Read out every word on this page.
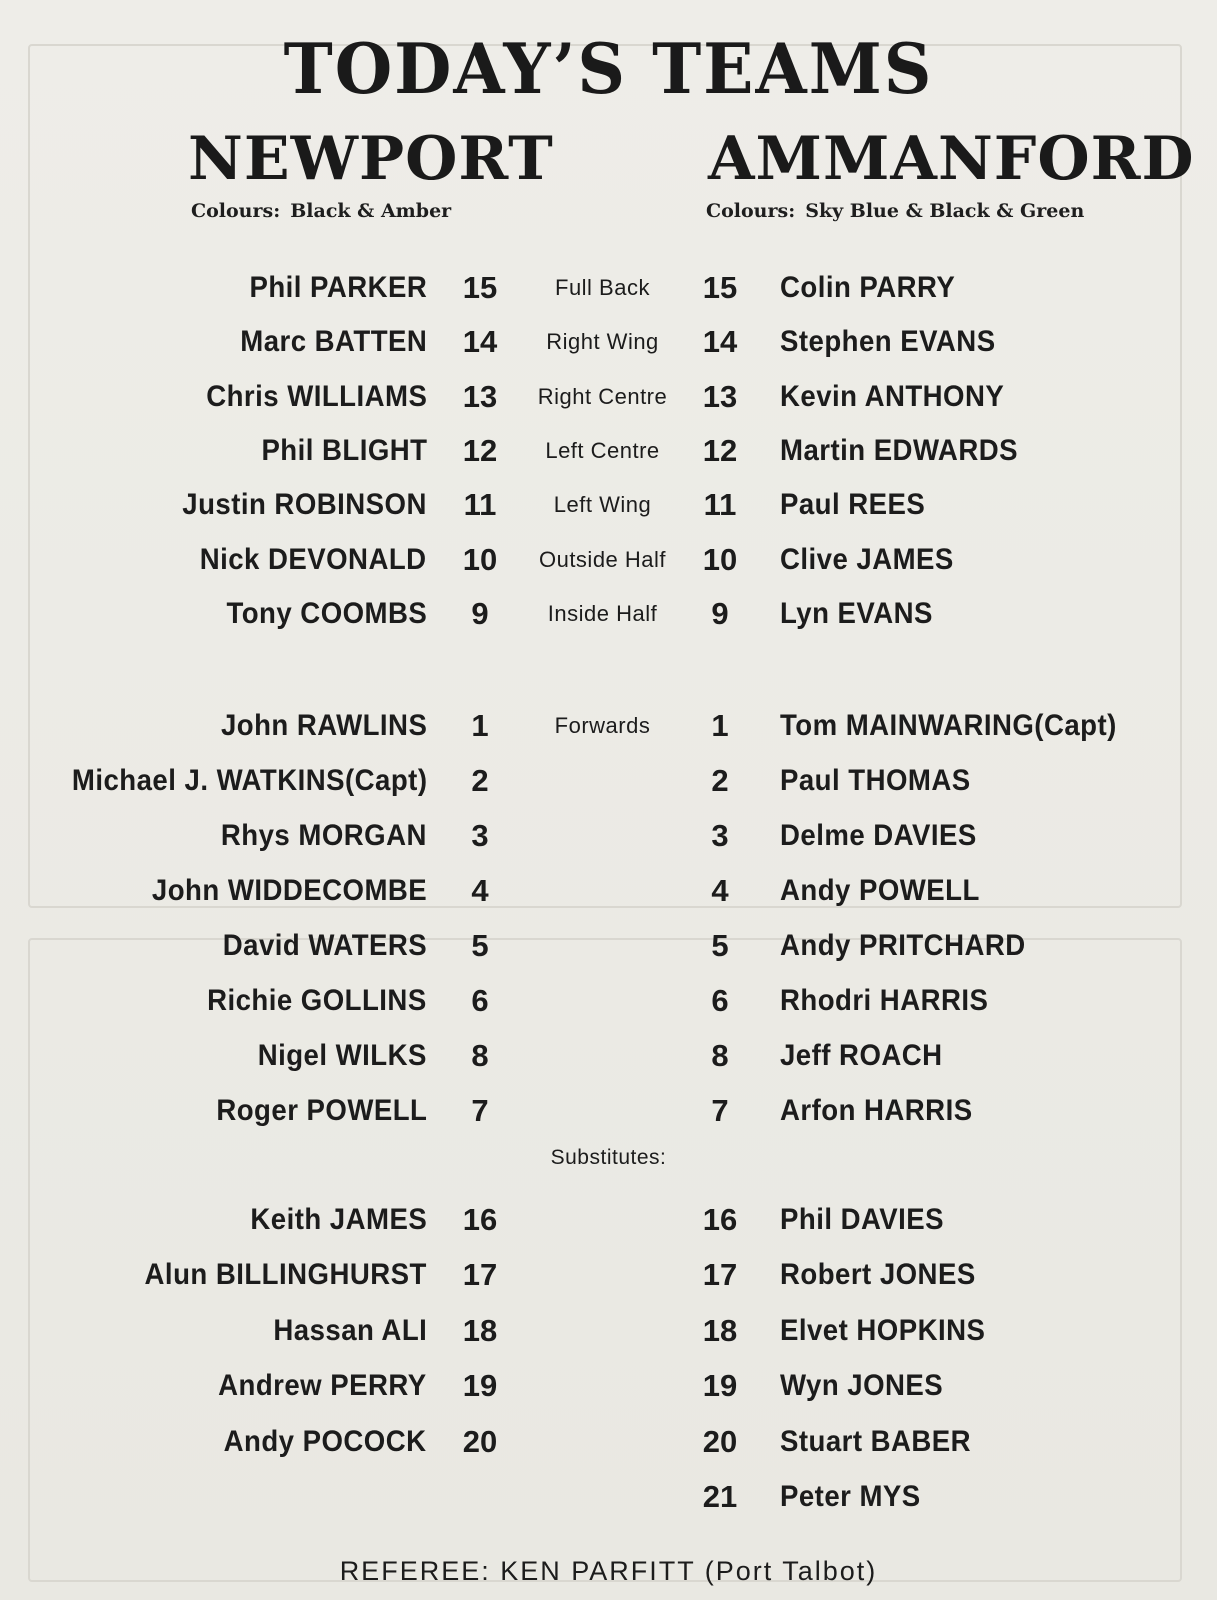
TODAY’S TEAMS
NEWPORT	AMMANFORD
Colours: Black & Amber	Colours: Sky Blue & Black & Green
Phil PARKER	15	Full Back	15	Colin PARRY
Marc BATTEN	14	Right Wing	14	Stephen EVANS
Chris WILLIAMS	13	Right Centre	13	Kevin ANTHONY
Phil BLIGHT	12	Left Centre	12	Martin EDWARDS
Justin ROBINSON	11	Left Wing	11	Paul REES
Nick DEVONALD	10	Outside Half	10	Clive JAMES
Tony COOMBS	9	Inside Half	9	Lyn EVANS
John RAWLINS	1	Forwards	1	Tom MAINWARING(Capt)
Michael J. WATKINS(Capt)	2	2	Paul THOMAS
Rhys MORGAN	3	3	Delme DAVIES
John WIDDECOMBE	4	4	Andy POWELL
David WATERS	5	5	Andy PRITCHARD
Richie GOLLINS	6	6	Rhodri HARRIS
Nigel WILKS	8	8	Jeff ROACH
Roger POWELL	7	7	Arfon HARRIS
Keith JAMES	16	16	Phil DAVIES
Alun BILLINGHURST	17	17	Robert JONES
Hassan ALI	18	18	Elvet HOPKINS
Andrew PERRY	19	19	Wyn JONES
Andy POCOCK	20	20	Stuart BABER
21	Peter MYS
Substitutes:
REFEREE: KEN PARFITT (Port Talbot)
